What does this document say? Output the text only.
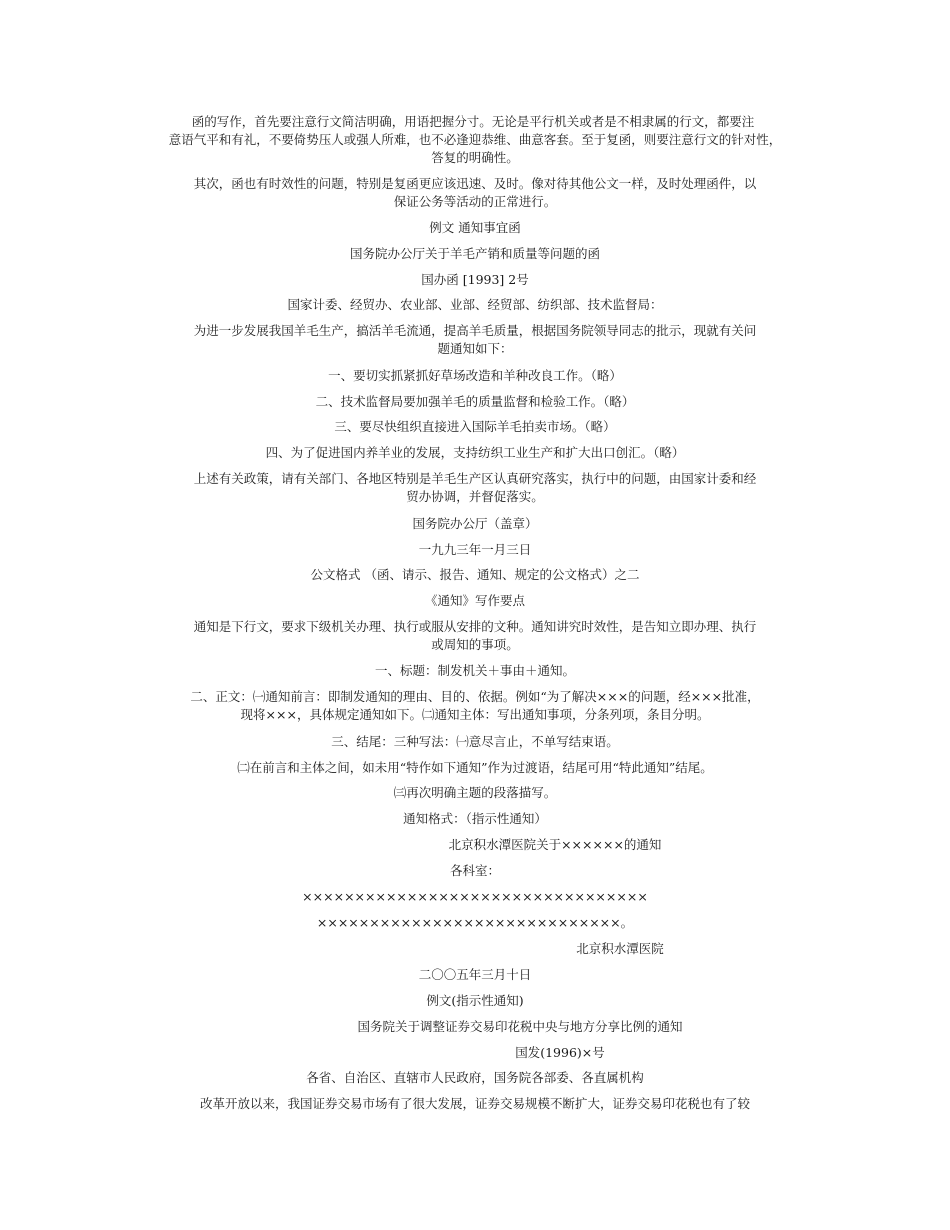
函的写作，首先要注意行文简洁明确，用语把握分寸。无论是平行机关或者是不相隶属的行文，都要注
意语气平和有礼，不要倚势压人或强人所难，也不必逢迎恭维、曲意客套。至于复函，则要注意行文的针对性，
答复的明确性。
其次，函也有时效性的问题，特别是复函更应该迅速、及时。像对待其他公文一样，及时处理函件，以
保证公务等活动的正常进行。
例文 通知事宜函
国务院办公厅关于羊毛产销和质量等问题的函
国办函 [1993] 2号
国家计委、经贸办、农业部、业部、经贸部、纺织部、技术监督局：
为进一步发展我国羊毛生产，搞活羊毛流通，提高羊毛质量，根据国务院领导同志的批示，现就有关问
题通知如下：
一、要切实抓紧抓好草场改造和羊种改良工作。（略）
二、技术监督局要加强羊毛的质量监督和检验工作。（略）
三、要尽快组织直接进入国际羊毛拍卖市场。（略）
四、为了促进国内养羊业的发展，支持纺织工业生产和扩大出口创汇。（略）
上述有关政策，请有关部门、各地区特别是羊毛生产区认真研究落实，执行中的问题，由国家计委和经
贸办协调，并督促落实。
国务院办公厅（盖章）
一九九三年一月三日
公文格式 （函、请示、报告、通知、规定的公文格式）之二
《通知》写作要点
通知是下行文，要求下级机关办理、执行或服从安排的文种。通知讲究时效性，是告知立即办理、执行
或周知的事项。
一、标题：制发机关＋事由＋通知。
二、正文：㈠通知前言：即制发通知的理由、目的、依据。例如“为了解决×××的问题，经×××批准，
现将×××，具体规定通知如下。㈡通知主体：写出通知事项，分条列项，条目分明。
三、结尾：三种写法：㈠意尽言止，不单写结束语。
㈡在前言和主体之间，如未用“特作如下通知”作为过渡语，结尾可用“特此通知”结尾。
㈢再次明确主题的段落描写。
通知格式：（指示性通知）
北京积水潭医院关于××××××的通知
各科室：
×××××××××××××××××××××××××××××××××
×××××××××××××××××××××××××××××。
北京积水潭医院
二〇〇五年三月十日
例文(指示性通知)
国务院关于调整证券交易印花税中央与地方分享比例的通知
国发(1996)×号
各省、自治区、直辖市人民政府，国务院各部委、各直属机构
改革开放以来，我国证券交易市场有了很大发展，证券交易规模不断扩大，证券交易印花税也有了较
